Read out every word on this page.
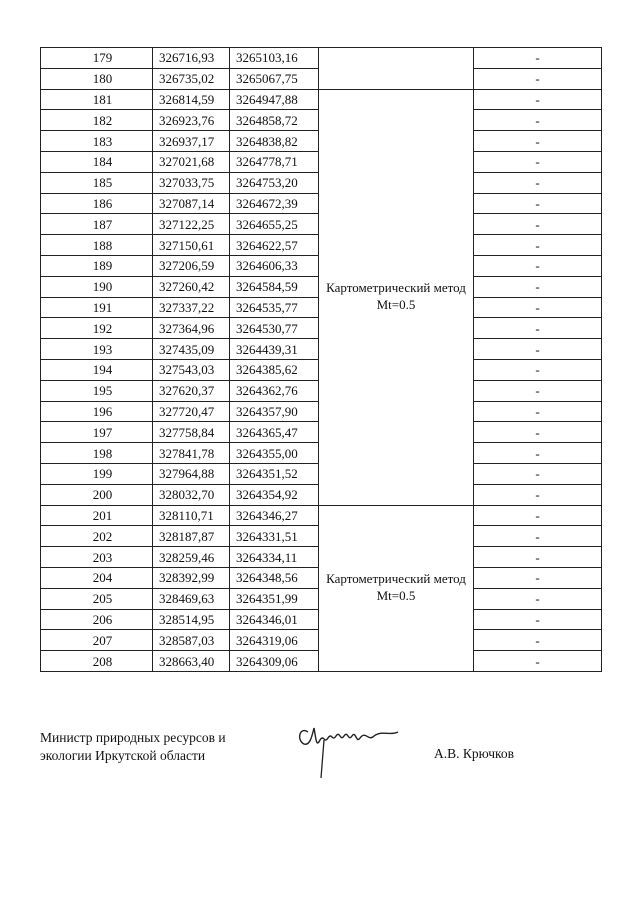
179	326716,93	3265103,16		-
180	326735,02	3265067,75		-
181	326814,59	3264947,88	Картометрический метод Mt=0.5	-
182	326923,76	3264858,72		-
183	326937,17	3264838,82		-
184	327021,68	3264778,71		-
185	327033,75	3264753,20		-
186	327087,14	3264672,39		-
187	327122,25	3264655,25		-
188	327150,61	3264622,57		-
189	327206,59	3264606,33		-
190	327260,42	3264584,59		-
191	327337,22	3264535,77		-
192	327364,96	3264530,77		-
193	327435,09	3264439,31		-
194	327543,03	3264385,62		-
195	327620,37	3264362,76		-
196	327720,47	3264357,90		-
197	327758,84	3264365,47		-
198	327841,78	3264355,00		-
199	327964,88	3264351,52		-
200	328032,70	3264354,92		-
201	328110,71	3264346,27	Картометрический метод Mt=0.5	-
202	328187,87	3264331,51		-
203	328259,46	3264334,11		-
204	328392,99	3264348,56		-
205	328469,63	3264351,99		-
206	328514,95	3264346,01		-
207	328587,03	3264319,06		-
208	328663,40	3264309,06		-
Министр природных ресурсов и
экологии Иркутской области	А.В. Крючков
